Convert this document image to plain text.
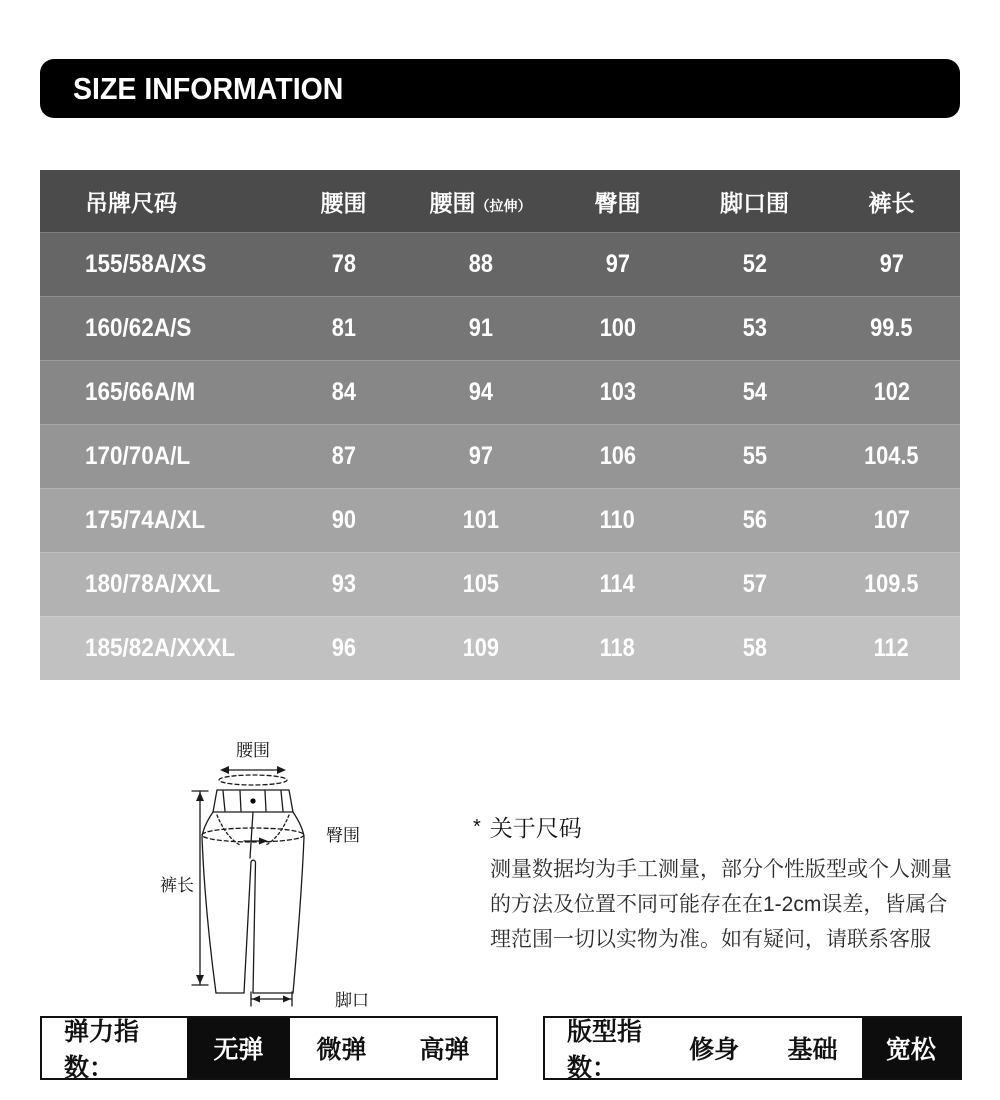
SIZE INFORMATION
吊牌尺码	腰围	腰围（拉伸）	臀围	脚口围	裤长
155/58A/XS	78	88	97	52	97
160/62A/S	81	91	100	53	99.5
165/66A/M	84	94	103	54	102
170/70A/L	87	97	106	55	104.5
175/74A/XL	90	101	110	56	107
180/78A/XXL	93	105	114	57	109.5
185/82A/XXXL	96	109	118	58	112
腰围
臀围
裤长
脚口
* 关于尺码
测量数据均为手工测量，部分个性版型或个人测量
的方法及位置不同可能存在在1-2cm误差，皆属合
理范围一切以实物为准。如有疑问，请联系客服
弹力指数：
无弹	微弹	高弹
版型指数：
修身	基础	宽松
